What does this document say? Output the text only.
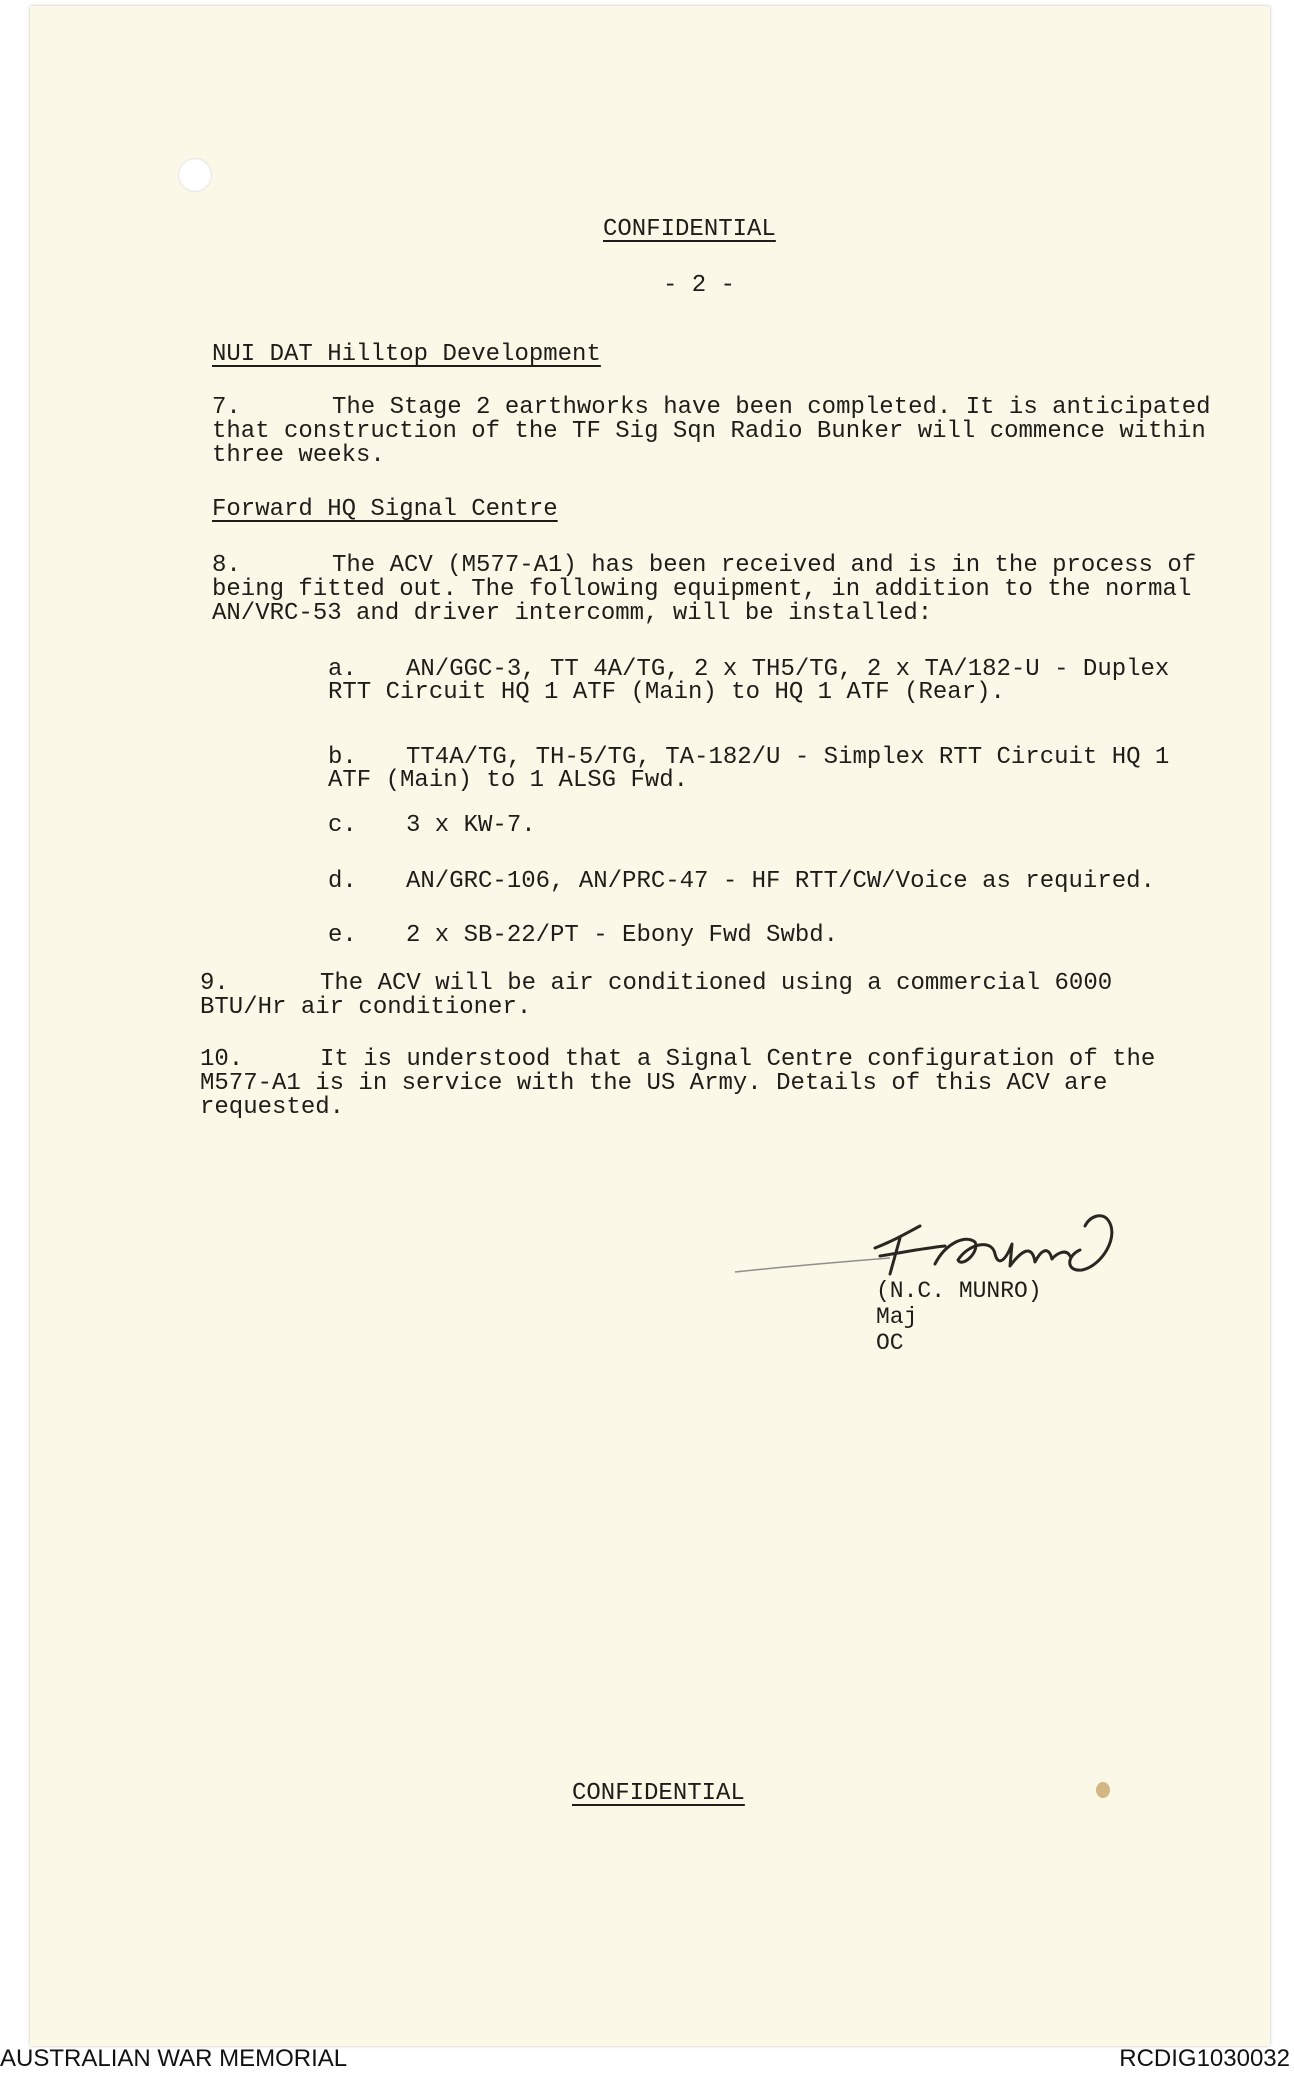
CONFIDENTIAL
- 2 -
NUI DAT Hilltop Development
7.	The Stage 2 earthworks have been completed. It is anticipated that construction of the TF Sig Sqn Radio Bunker will commence within three weeks.
Forward HQ Signal Centre
8.	The ACV (M577-A1) has been received and is in the process of being fitted out. The following equipment, in addition to the normal AN/VRC-53 and driver intercomm, will be installed:
a. AN/GGC-3, TT 4A/TG, 2 x TH5/TG, 2 x TA/182-U - Duplex RTT Circuit HQ 1 ATF (Main) to HQ 1 ATF (Rear).
b. TT4A/TG, TH-5/TG, TA-182/U - Simplex RTT Circuit HQ 1 ATF (Main) to 1 ALSG Fwd.
c. 3 x KW-7.
d. AN/GRC-106, AN/PRC-47 - HF RTT/CW/Voice as required.
e. 2 x SB-22/PT - Ebony Fwd Swbd.
9.	The ACV will be air conditioned using a commercial 6000 BTU/Hr air conditioner.
10.	It is understood that a Signal Centre configuration of the M577-A1 is in service with the US Army. Details of this ACV are requested.
(N.C. MUNRO)
Maj
OC
CONFIDENTIAL
AUSTRALIAN WAR MEMORIAL	RCDIG1030032
